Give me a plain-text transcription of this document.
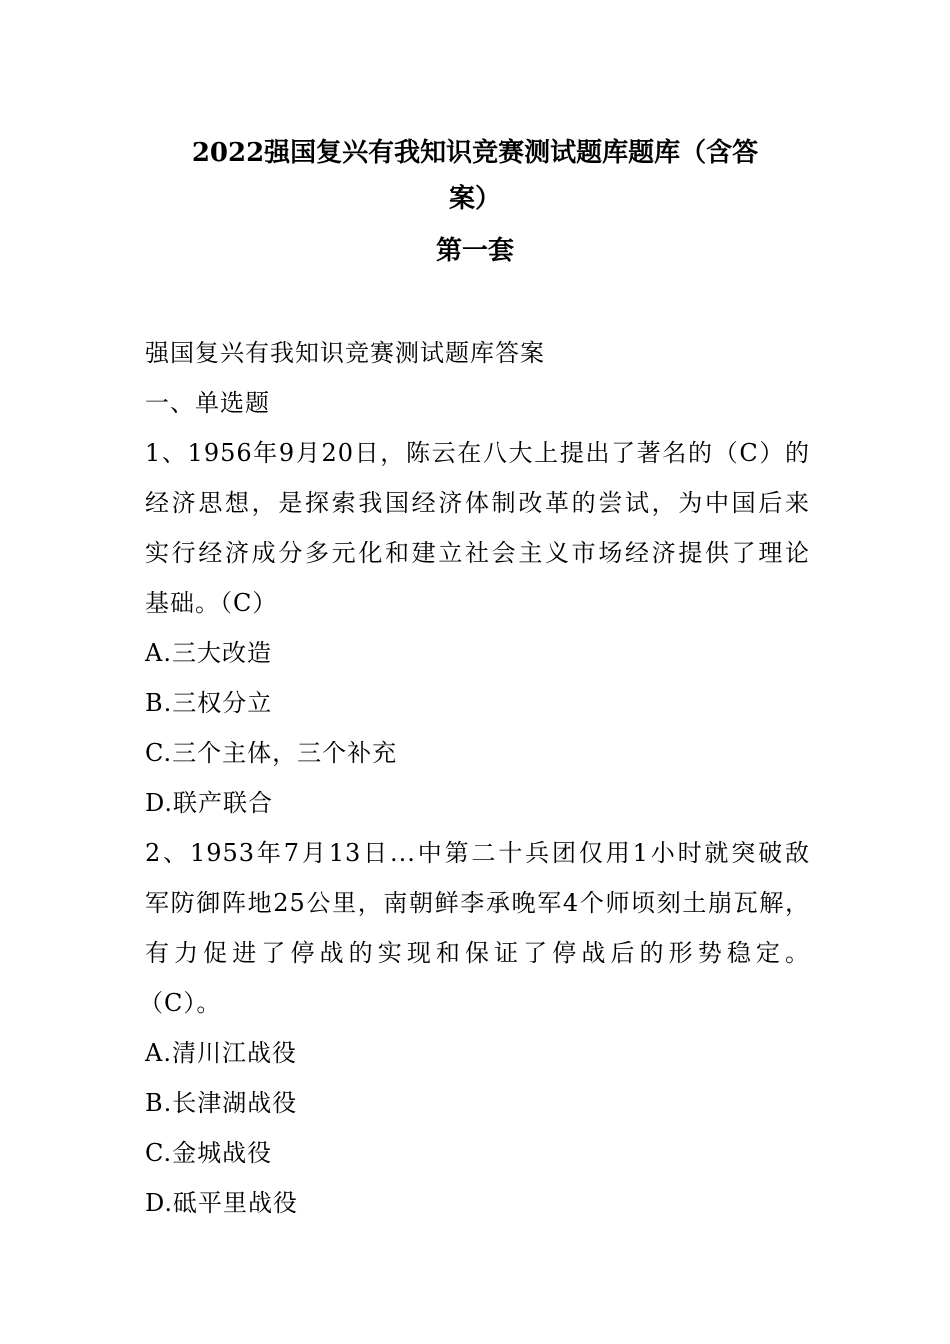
2022强国复兴有我知识竞赛测试题库题库（含答
案）
第一套
强国复兴有我知识竞赛测试题库答案
一、单选题
1、1956年9月20日，陈云在八大上提出了著名的（C）的
经济思想，是探索我国经济体制改革的尝试，为中国后来
实行经济成分多元化和建立社会主义市场经济提供了理论
基础。（C）
A.三大改造
B.三权分立
C.三个主体，三个补充
D.联产联合
2、1953年7月13日...中第二十兵团仅用1小时就突破敌
军防御阵地25公里，南朝鲜李承晚军4个师顷刻土崩瓦解，
有力促进了停战的实现和保证了停战后的形势稳定。
（C）。
A.清川江战役
B.长津湖战役
C.金城战役
D.砥平里战役
